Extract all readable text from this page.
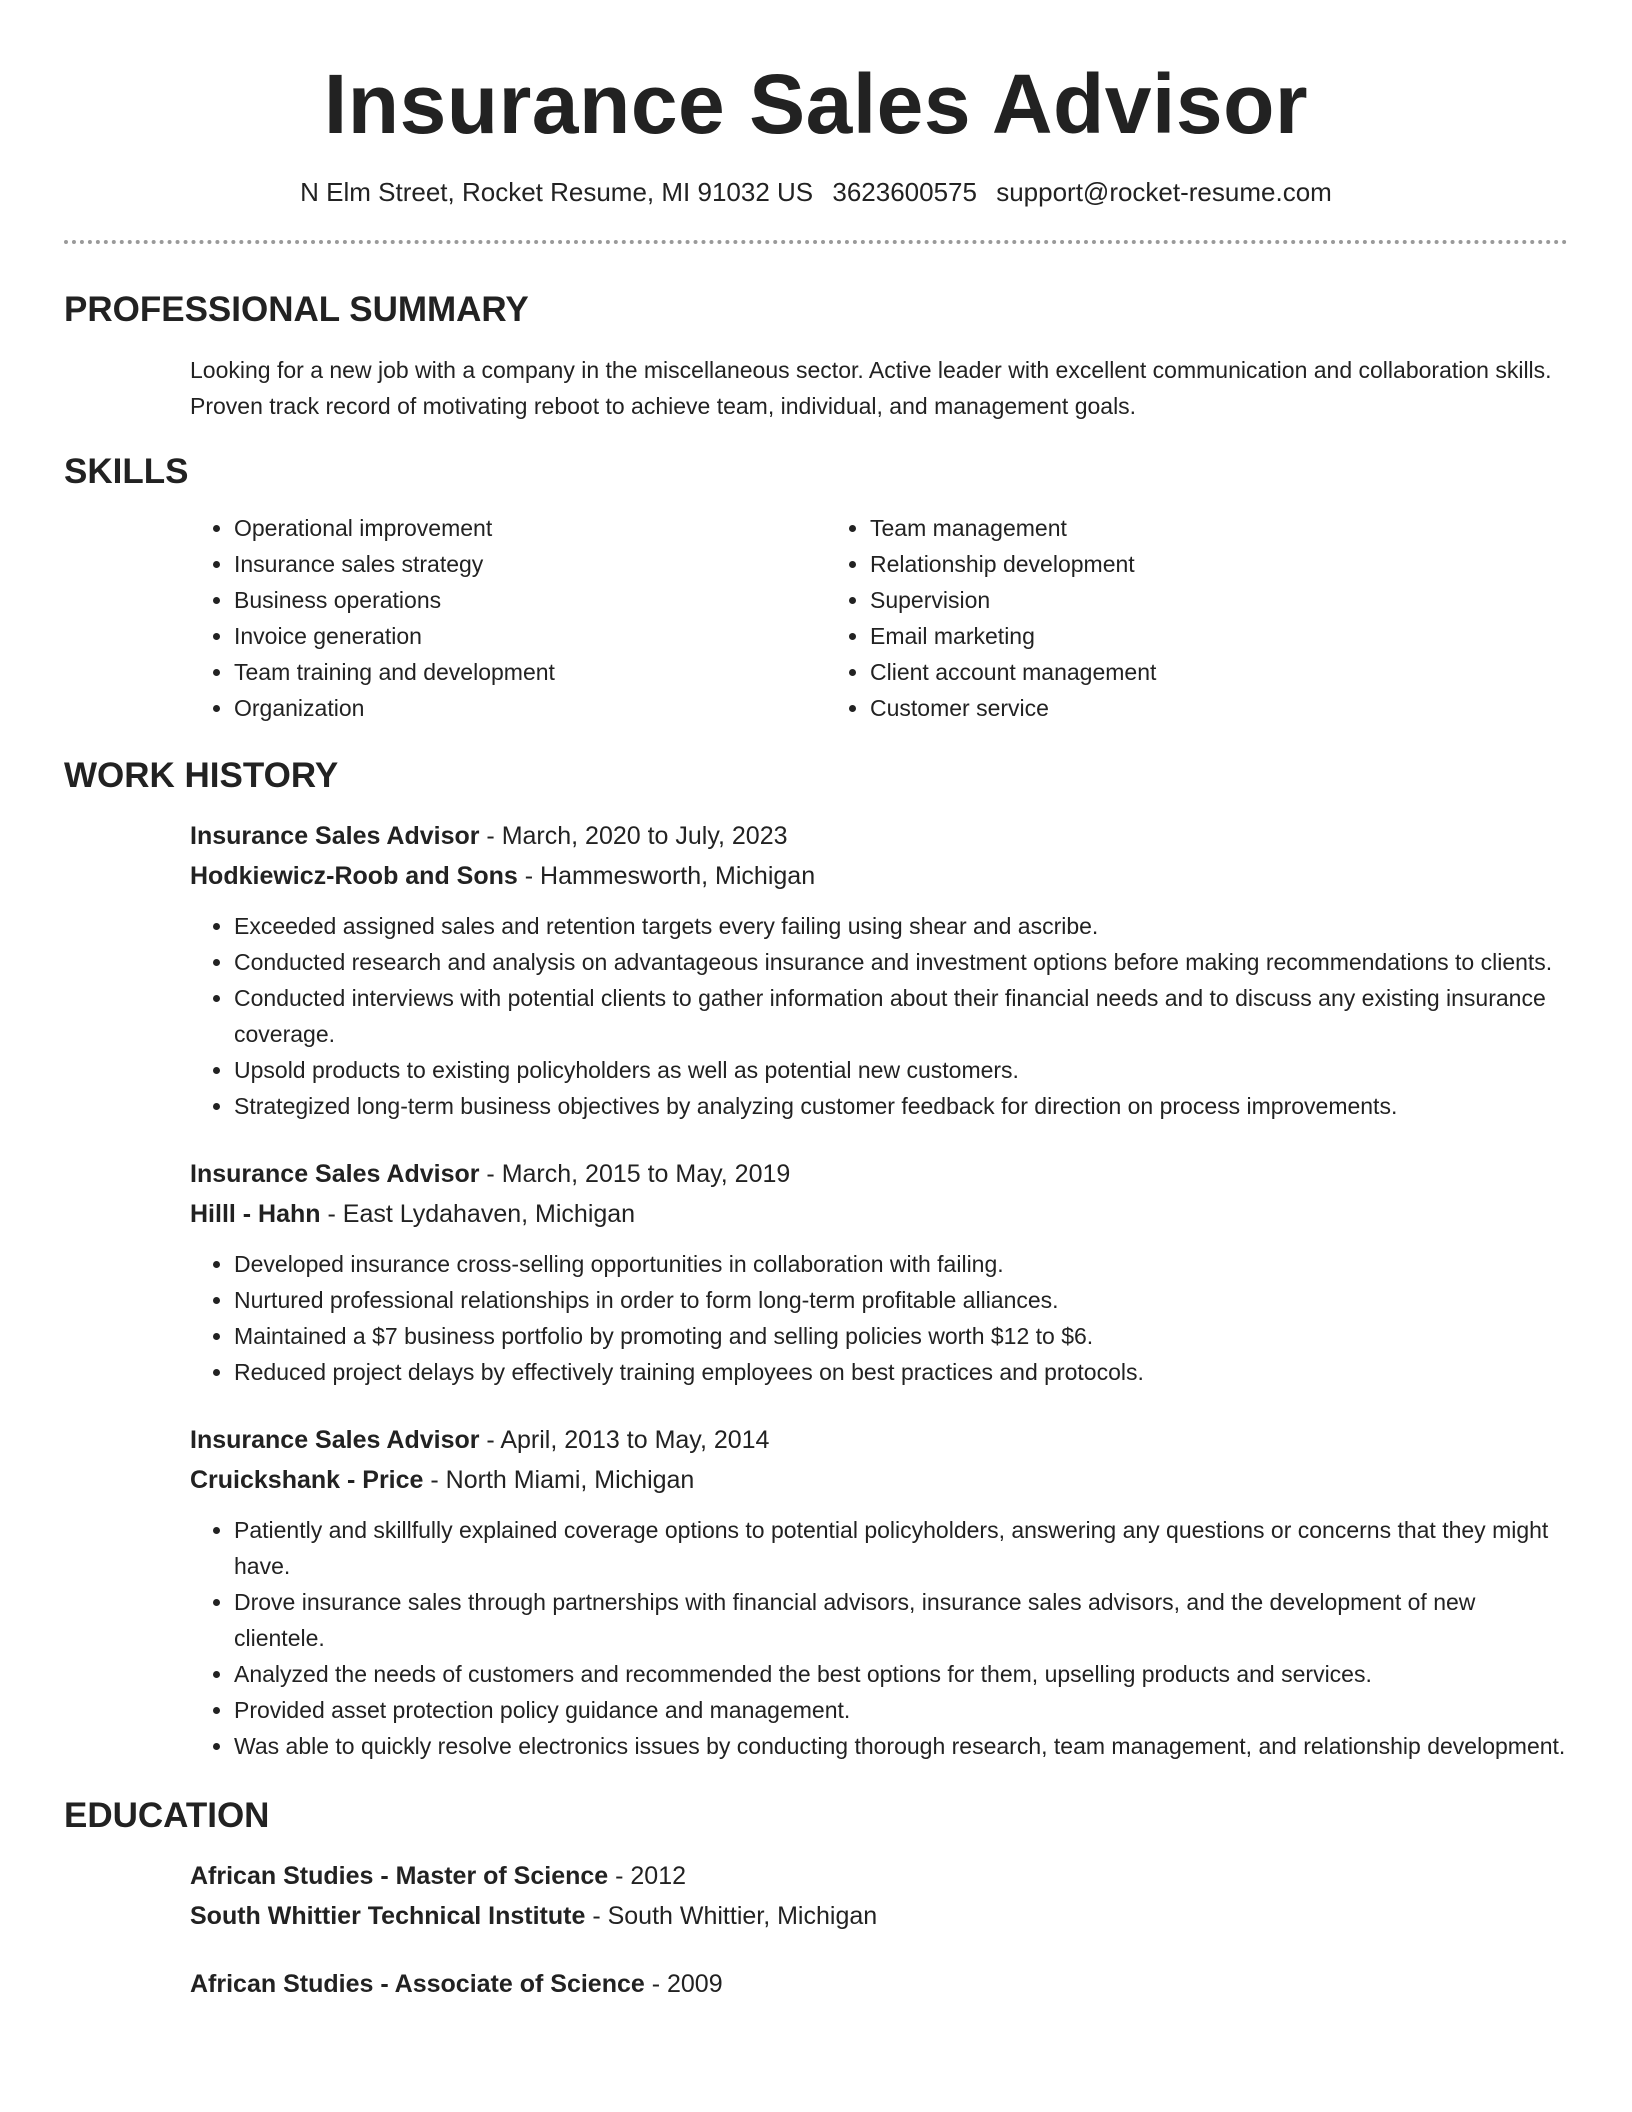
Insurance Sales Advisor
N Elm Street, Rocket Resume, MI 91032 US 3623600575 support@rocket-resume.com
PROFESSIONAL SUMMARY
Looking for a new job with a company in the miscellaneous sector. Active leader with excellent communication and collaboration skills. Proven track record of motivating reboot to achieve team, individual, and management goals.
SKILLS
• Operational improvement
• Insurance sales strategy
• Business operations
• Invoice generation
• Team training and development
• Organization
• Team management
• Relationship development
• Supervision
• Email marketing
• Client account management
• Customer service
WORK HISTORY
Insurance Sales Advisor - March, 2020 to July, 2023
Hodkiewicz-Roob and Sons - Hammesworth, Michigan
• Exceeded assigned sales and retention targets every failing using shear and ascribe.
• Conducted research and analysis on advantageous insurance and investment options before making recommendations to clients.
• Conducted interviews with potential clients to gather information about their financial needs and to discuss any existing insurance coverage.
• Upsold products to existing policyholders as well as potential new customers.
• Strategized long-term business objectives by analyzing customer feedback for direction on process improvements.
Insurance Sales Advisor - March, 2015 to May, 2019
Hilll - Hahn - East Lydahaven, Michigan
• Developed insurance cross-selling opportunities in collaboration with failing.
• Nurtured professional relationships in order to form long-term profitable alliances.
• Maintained a $7 business portfolio by promoting and selling policies worth $12 to $6.
• Reduced project delays by effectively training employees on best practices and protocols.
Insurance Sales Advisor - April, 2013 to May, 2014
Cruickshank - Price - North Miami, Michigan
• Patiently and skillfully explained coverage options to potential policyholders, answering any questions or concerns that they might have.
• Drove insurance sales through partnerships with financial advisors, insurance sales advisors, and the development of new clientele.
• Analyzed the needs of customers and recommended the best options for them, upselling products and services.
• Provided asset protection policy guidance and management.
• Was able to quickly resolve electronics issues by conducting thorough research, team management, and relationship development.
EDUCATION
African Studies - Master of Science - 2012
South Whittier Technical Institute - South Whittier, Michigan
African Studies - Associate of Science - 2009
